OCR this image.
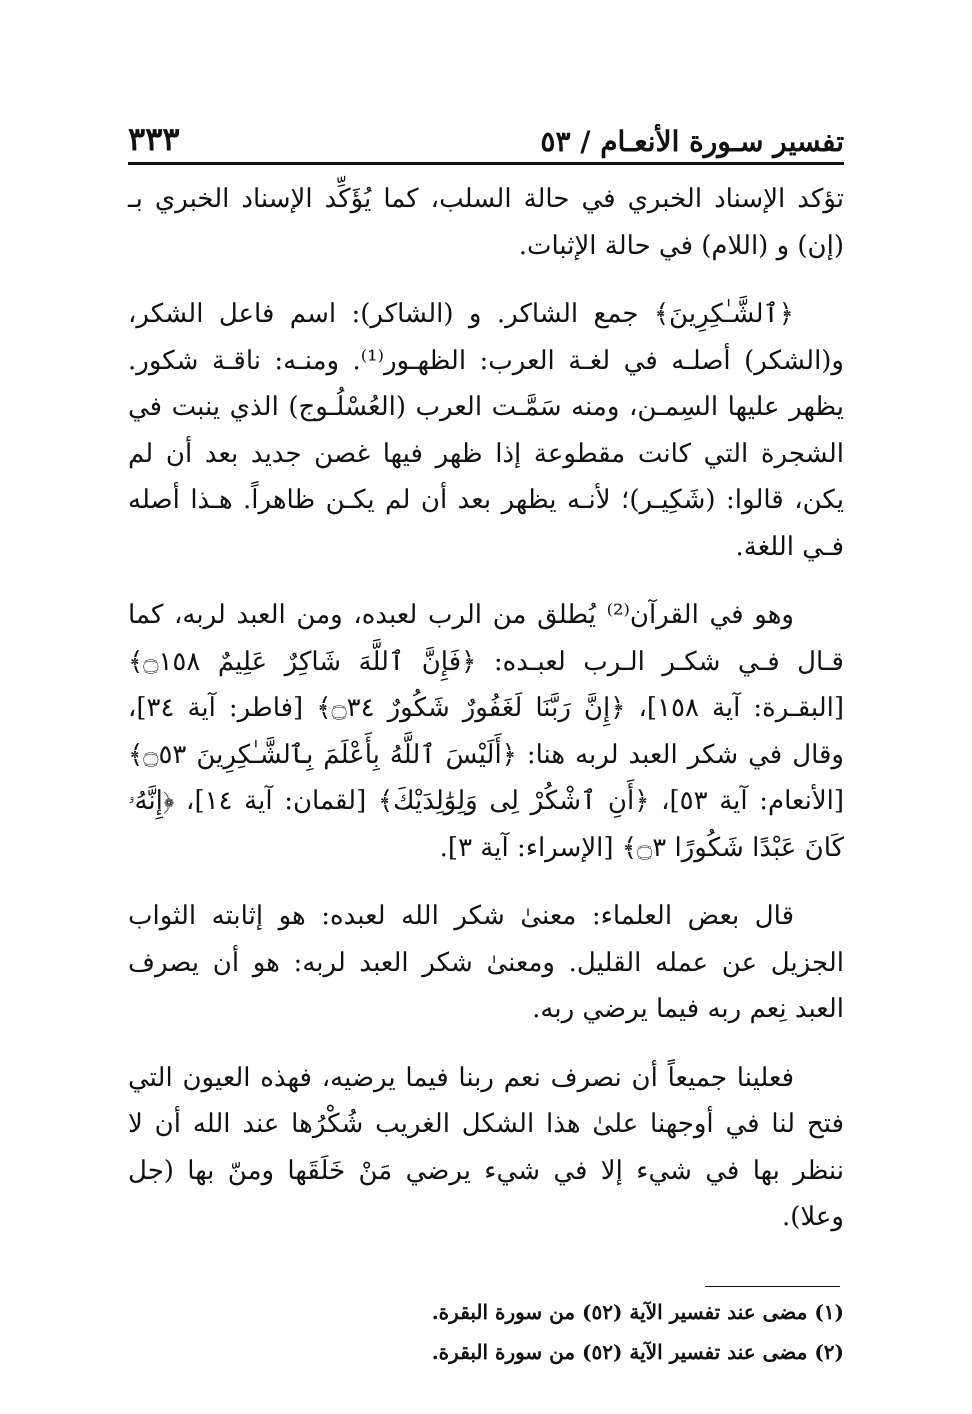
تفسير سـورة الأنعـام / ٥٣
٣٣٣

تؤكد الإسناد الخبري في حالة السلب، كما يُؤَكِّد الإسناد الخبري بـ (إن) و (اللام) في حالة الإثبات.

﴿ٱلشَّـٰكِرِينَ﴾ جمع الشاكر. و (الشاكر): اسم فاعل الشكر، و(الشكر) أصلـه في لغـة العرب: الظهـور⁽¹⁾. ومنـه: ناقـة شكور. يظهر عليها السِمـن، ومنه سَمَّـت العرب (العُسْلُـوج) الذي ينبت في الشجرة التي كانت مقطوعة إذا ظهر فيها غصن جديد بعد أن لم يكن، قالوا: (شَكِيـر)؛ لأنـه يظهر بعد أن لم يكـن ظاهراً. هـذا أصله فـي اللغة.

وهو في القرآن⁽²⁾ يُطلق من الرب لعبده، ومن العبد لربه، كما قـال فـي شكـر الـرب لعبـده: ﴿فَإِنَّ ٱللَّهَ شَاكِرٌ عَلِيمٌ ۝١٥٨﴾ [البقـرة: آية ١٥٨]، ﴿إِنَّ رَبَّنَا لَغَفُورٌ شَكُورٌ ۝٣٤﴾ [فاطر: آية ٣٤]، وقال في شكر العبد لربه هنا: ﴿أَلَيْسَ ٱللَّهُ بِأَعْلَمَ بِٱلشَّـٰكِرِينَ ۝٥٣﴾ [الأنعام: آية ٥٣]، ﴿أَنِ ٱشْكُرْ لِى وَلِوَٰلِدَيْكَ﴾ [لقمان: آية ١٤]، ﴿إِنَّهُۥ كَانَ عَبْدًا شَكُورًا ۝٣﴾ [الإسراء: آية ٣].

قال بعض العلماء: معنىٰ شكر الله لعبده: هو إثابته الثواب الجزيل عن عمله القليل. ومعنىٰ شكر العبد لربه: هو أن يصرف العبد نِعم ربه فيما يرضي ربه.

فعلينا جميعاً أن نصرف نعم ربنا فيما يرضيه، فهذه العيون التي فتح لنا في أوجهنا علىٰ هذا الشكل الغريب شُكْرُها عند الله أن لا ننظر بها في شيء إلا في شيء يرضي مَنْ خَلَقَها ومنّ بها (جل وعلا).

(١) مضى عند تفسير الآية (٥٢) من سورة البقرة.
(٢) مضى عند تفسير الآية (٥٢) من سورة البقرة.
